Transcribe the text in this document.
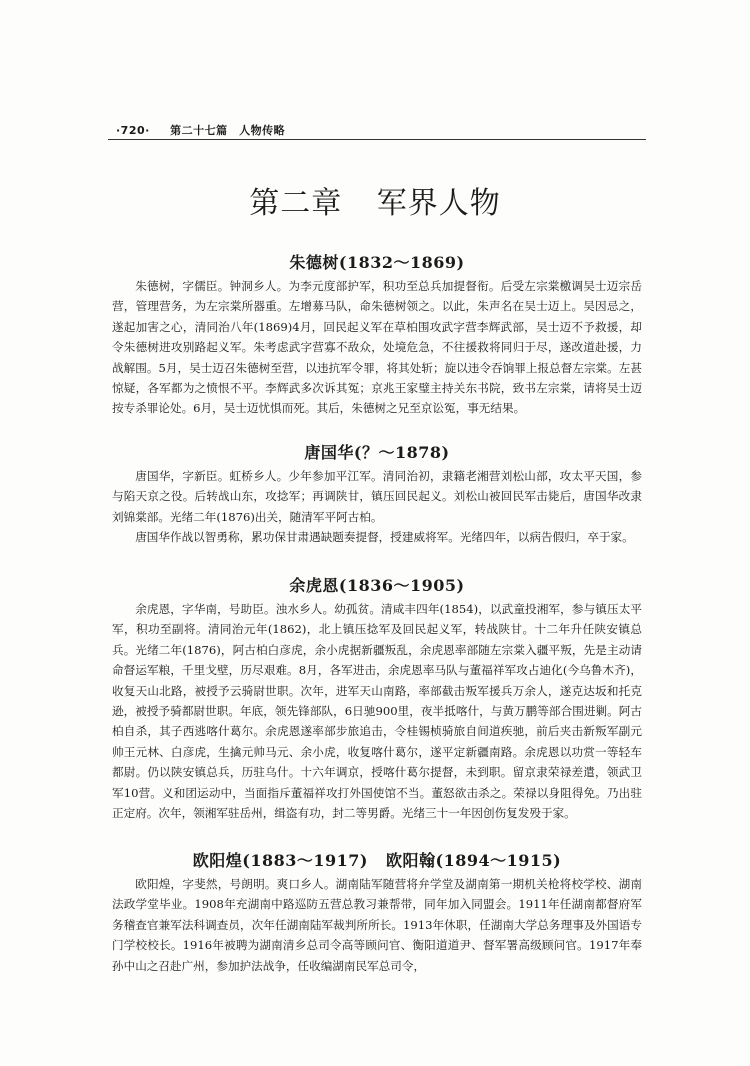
·720· 第二十七篇　人物传略
第二章 军界人物
朱德树(1832～1869)

朱德树，字儒臣。钟洞乡人。为李元度部护军，积功至总兵加提督衔。后受左宗棠檄调吴士迈宗岳营，管理营务，为左宗棠所器重。左增募马队，命朱德树领之。以此，朱声名在吴士迈上。吴因忌之，遂起加害之心，清同治八年(1869)4月，回民起义军在草柏围攻武字营李辉武部，吴士迈不予救援，却令朱德树进攻别路起义军。朱考虑武字营寡不敌众，处境危急，不往援救将同归于尽，遂改道赴援，力战解围。5月，吴士迈召朱德树至营，以违抗军令罪，将其处斩；旋以违令吞饷罪上报总督左宗棠。左甚惊疑，各军都为之愤恨不平。李辉武多次诉其冤；京兆王家璧主持关东书院，致书左宗棠，请将吴士迈按专杀罪论处。6月，吴士迈忧惧而死。其后，朱德树之兄至京讼冤，事无结果。

唐国华(？～1878)

唐国华，字新臣。虹桥乡人。少年参加平江军。清同治初，隶籍老湘营刘松山部，攻太平天国，参与陷天京之役。后转战山东，攻捻军；再调陕甘，镇压回民起义。刘松山被回民军击毙后，唐国华改隶刘锦棠部。光绪二年(1876)出关，随清军平阿古柏。

唐国华作战以智勇称，累功保甘肃遇缺题奏提督，授建威将军。光绪四年，以病告假归，卒于家。

余虎恩(1836～1905)

余虎恩，字华南，号助臣。浊水乡人。幼孤贫。清咸丰四年(1854)，以武童投湘军，参与镇压太平军，积功至副将。清同治元年(1862)，北上镇压捻军及回民起义军，转战陕甘。十二年升任陕安镇总兵。光绪二年(1876)，阿古柏白彦虎，余小虎据新疆叛乱，余虎恩率部随左宗棠入疆平叛，先是主动请命督运军粮，千里戈壁，历尽艰难。8月，各军进击，余虎恩率马队与董福祥军攻占迪化(今乌鲁木齐)，收复天山北路，被授予云骑尉世职。次年，进军天山南路，率部截击叛军援兵万余人，遂克达坂和托克逊，被授予骑都尉世职。年底，领先锋部队，6日驰900里，夜半抵喀什，与黄万鹏等部合围进剿。阿古柏自杀，其子西逃喀什葛尔。余虎恩遂率部步旅追击，令桂锡桢骑旅自间道疾驰，前后夹击新叛军副元帅王元林、白彦虎，生擒元帅马元、余小虎，收复喀什葛尔，遂平定新疆南路。余虎恩以功赏一等轻车都尉。仍以陕安镇总兵，历驻乌什。十六年调京，授喀什葛尔提督，未到职。留京隶荣禄差遣，领武卫军10营。义和团运动中，当面指斥董福祥攻打外国使馆不当。董怒欲击杀之。荣禄以身阻得免。乃出驻正定府。次年，领湘军驻岳州，缉盗有功，封二等男爵。光绪三十一年因创伤复发殁于家。

欧阳煌(1883～1917) 欧阳翰(1894～1915)

欧阳煌，字斐然，号朗明。爽口乡人。湖南陆军随营将弁学堂及湖南第一期机关枪将校学校、湖南法政学堂毕业。1908年充湖南中路巡防五营总教习兼帮带，同年加入同盟会。1911年任湖南都督府军务稽查官兼军法科调查员，次年任湖南陆军裁判所所长。1913年休职，任湖南大学总务理事及外国语专门学校校长。1916年被聘为湖南清乡总司令高等顾问官、衡阳道道尹、督军署高级顾问官。1917年奉孙中山之召赴广州，参加护法战争，任收编湖南民军总司令，
